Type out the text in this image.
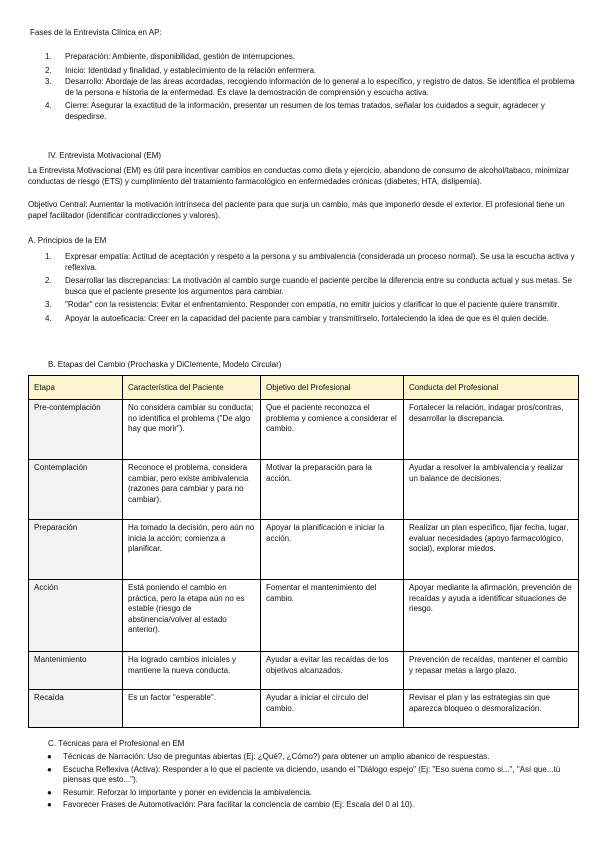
Fases de la Entrevista Clínica en AP:
1. Preparación: Ambiente, disponibilidad, gestión de interrupciones.
2. Inicio: Identidad y finalidad, y establecimiento de la relación enfermera.
3. Desarrollo: Abordaje de las áreas acordadas, recogiendo información de lo general a lo específico, y registro de datos. Se identifica el problema de la persona e historia de la enfermedad. Es clave la demostración de comprensión y escucha activa.
4. Cierre: Asegurar la exactitud de la información, presentar un resumen de los temas tratados, señalar los cuidados a seguir, agradecer y despedirse.
IV. Entrevista Motivacional (EM)
La Entrevista Motivacional (EM) es útil para incentivar cambios en conductas como dieta y ejercicio, abandono de consumo de alcohol/tabaco, minimizar conductas de riesgo (ETS) y cumplimiento del tratamiento farmacológico en enfermedades crónicas (diabetes, HTA, dislipemia).
Objetivo Central: Aumentar la motivación intrínseca del paciente para que surja un cambio, más que imponerlo desde el exterior. El profesional tiene un papel facilitador (identificar contradicciones y valores).
A. Principios de la EM
1. Expresar empatía: Actitud de aceptación y respeto a la persona y su ambivalencia (considerada un proceso normal). Se usa la escucha activa y reflexiva.
2. Desarrollar las discrepancias: La motivación al cambio surge cuando el paciente percibe la diferencia entre su conducta actual y sus metas. Se busca que el paciente presente los argumentos para cambiar.
3. "Rodar" con la resistencia: Evitar el enfrentamiento. Responder con empatía, no emitir juicios y clarificar lo que el paciente quiere transmitir.
4. Apoyar la autoeficacia: Creer en la capacidad del paciente para cambiar y transmitírselo, fortaleciendo la idea de que es él quien decide.
B. Etapas del Cambio (Prochaska y DiClemente, Modelo Circular)
Etapa	Característica del Paciente	Objetivo del Profesional	Conducta del Profesional
Pre-contemplación	No considera cambiar su conducta; no identifica el problema ("De algo hay que morir").	Que el paciente reconozca el problema y comience a considerar el cambio.	Fortalecer la relación, indagar pros/contras, desarrollar la discrepancia.
Contemplación	Reconoce el problema, considera cambiar, pero existe ambivalencia (razones para cambiar y para no cambiar).	Motivar la preparación para la acción.	Ayudar a resolver la ambivalencia y realizar un balance de decisiones.
Preparación	Ha tomado la decisión, pero aún no inicia la acción; comienza a planificar.	Apoyar la planificación e iniciar la acción.	Realizar un plan específico, fijar fecha, lugar, evaluar necesidades (apoyo farmacológico, social), explorar miedos.
Acción	Está poniendo el cambio en práctica, pero la etapa aún no es estable (riesgo de abstinencia/volver al estado anterior).	Fomentar el mantenimiento del cambio.	Apoyar mediante la afirmación, prevención de recaídas y ayuda a identificar situaciones de riesgo.
Mantenimiento	Ha logrado cambios iniciales y mantiene la nueva conducta.	Ayudar a evitar las recaídas de los objetivos alcanzados.	Prevención de recaídas, mantener el cambio y repasar metas a largo plazo.
Recaída	Es un factor "esperable".	Ayudar a iniciar el círculo del cambio.	Revisar el plan y las estrategias sin que aparezca bloqueo o desmoralización.
C. Técnicas para el Profesional en EM
● Técnicas de Narración: Uso de preguntas abiertas (Ej: ¿Qué?, ¿Cómo?) para obtener un amplio abanico de respuestas.
● Escucha Reflexiva (Activa): Responder a lo que el paciente va diciendo, usando el "Diálogo espejo" (Ej: "Eso suena como si...", "Así que...tú piensas que esto...").
● Resumir: Reforzar lo importante y poner en evidencia la ambivalencia.
● Favorecer Frases de Automotivación: Para facilitar la conciencia de cambio (Ej: Escala del 0 al 10).
